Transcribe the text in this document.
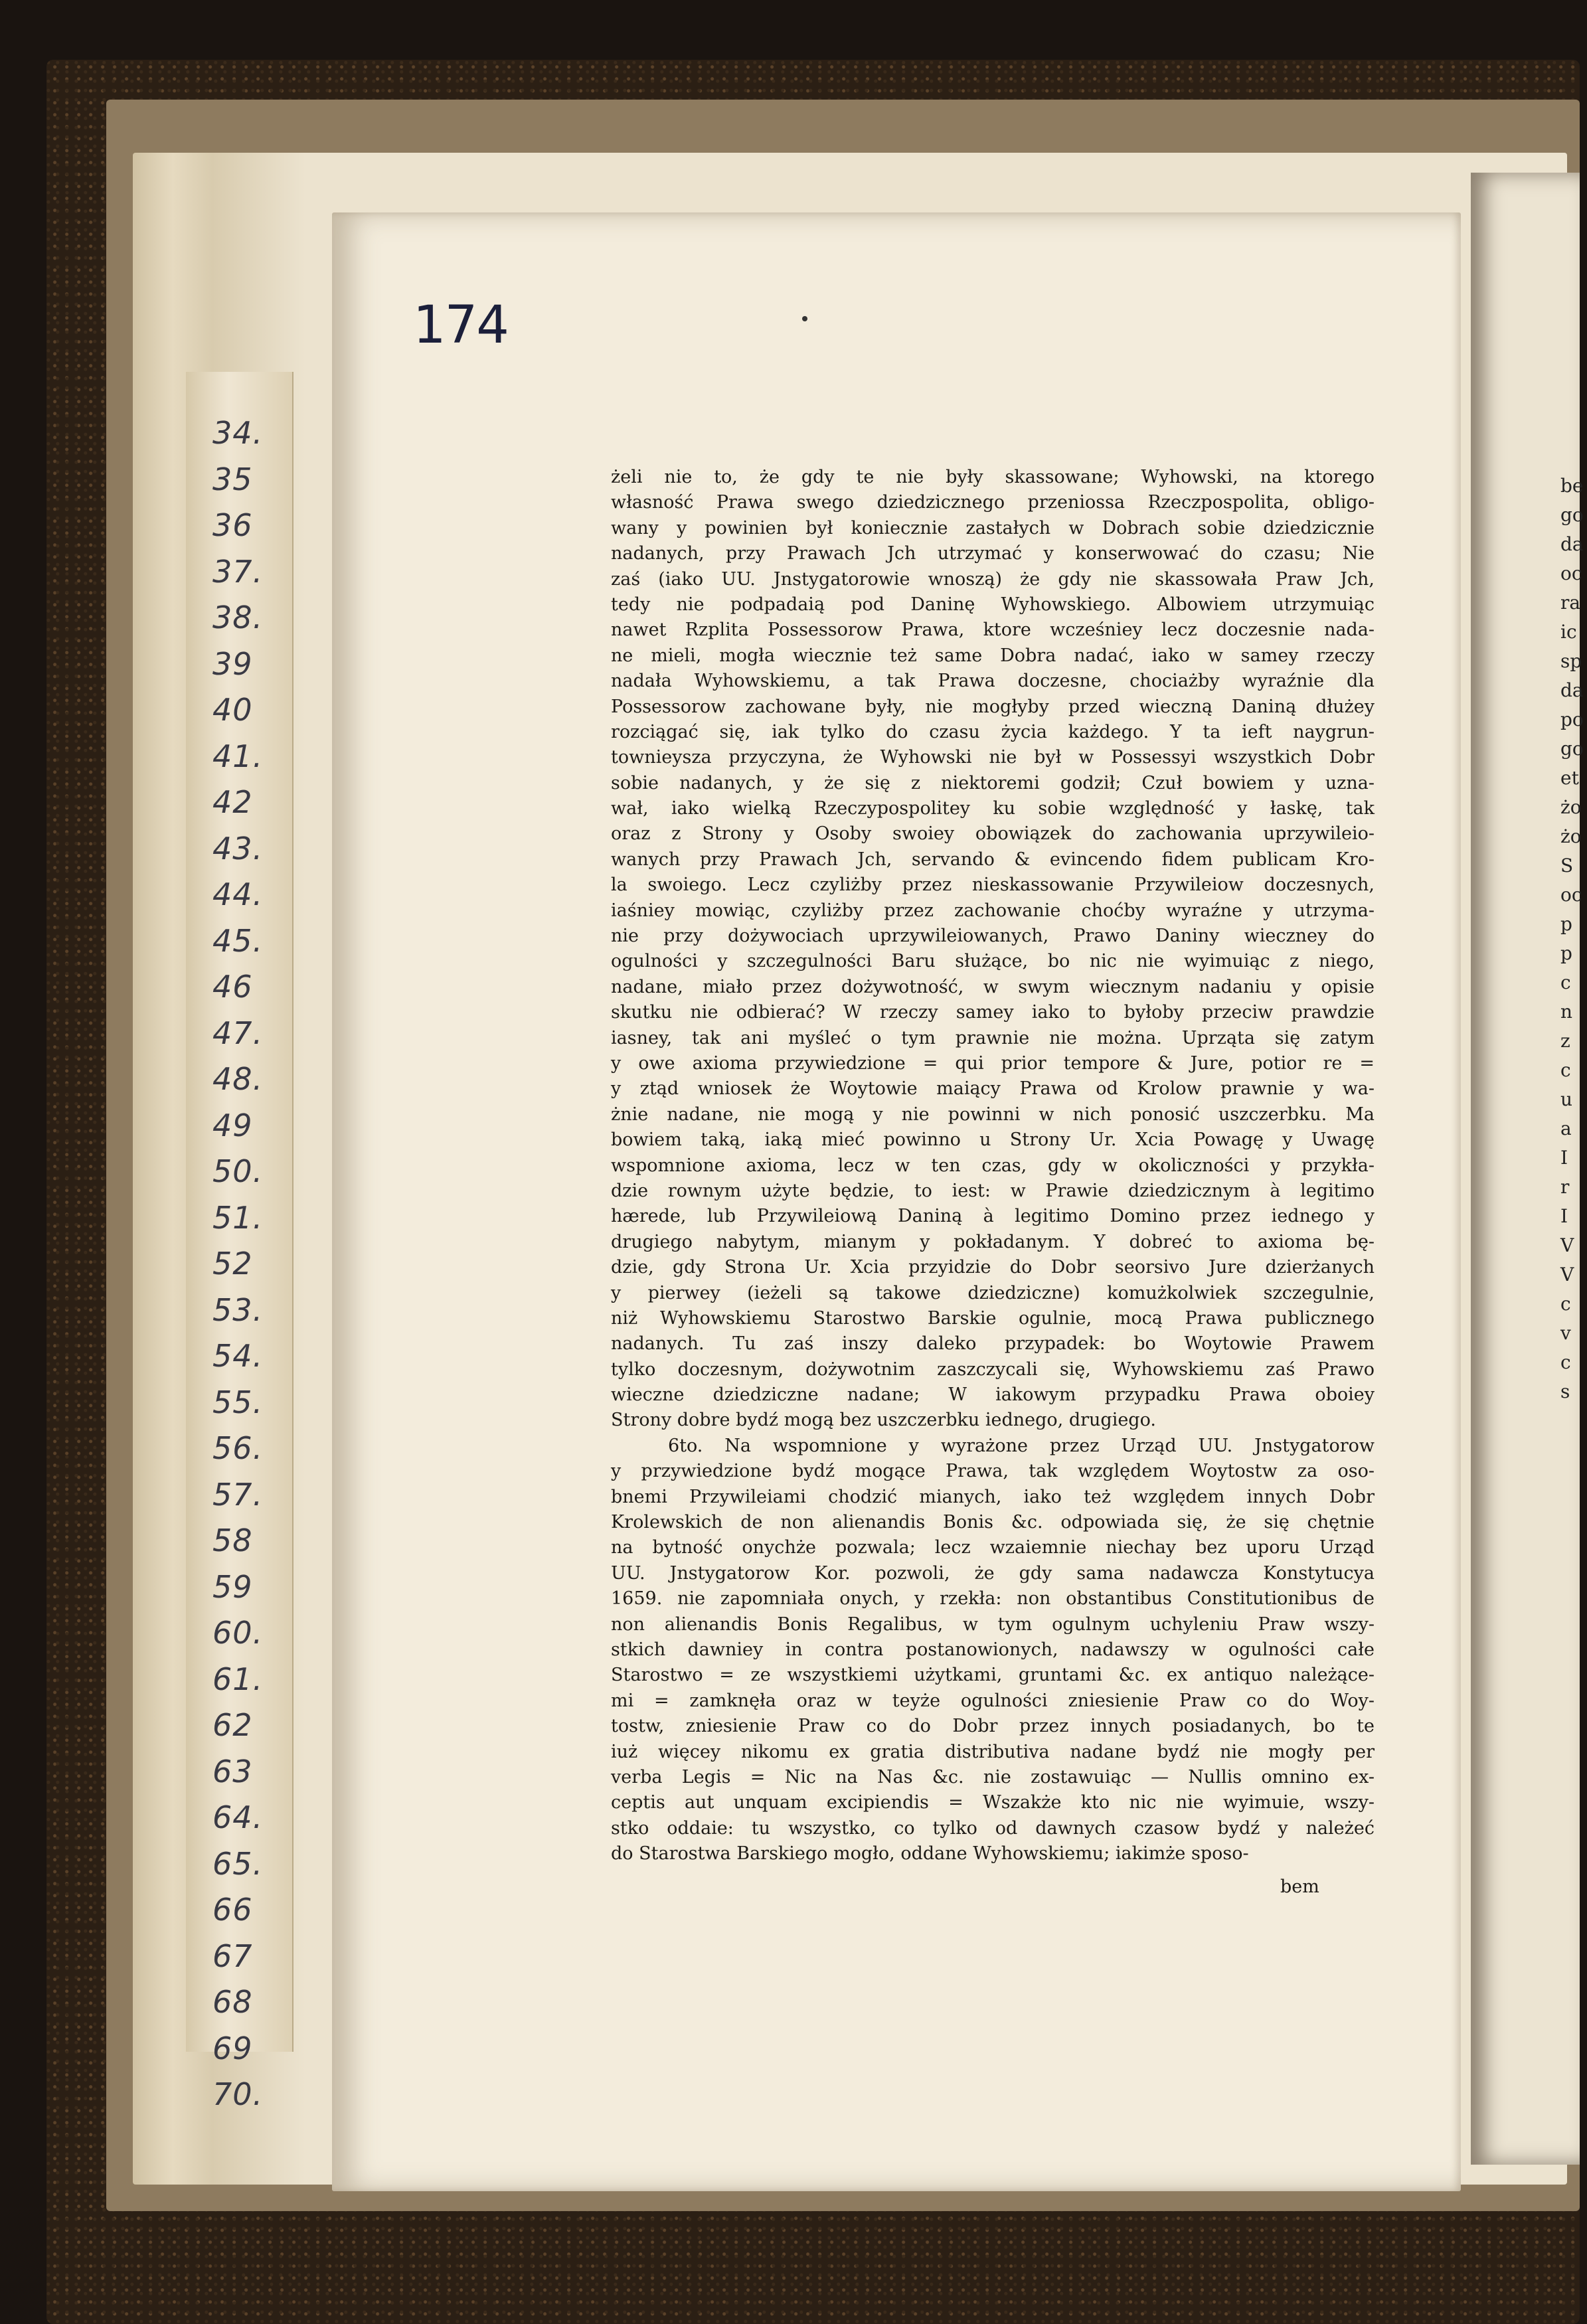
34.
35
36
37.
38.
39
40
41.
42
43.
44.
45.
46
47.
48.
49
50.
51.
52
53.
54.
55.
56.
57.
58
59
60.
61.
62
63
64.
65.
66
67
68
69
70.
be
go
da
oc
ra
ic
sp
da
po
go
et
żo
żo
S
oc
p
p
c
n
z
c
u
a
I
r
I
V
V
c
v
c
s
174
żeli nie to, że gdy te nie były skassowane; Wyhowski, na ktorego
własność Prawa swego dziedzicznego przeniossa Rzeczpospolita, obligo-
wany y powinien był koniecznie zastałych w Dobrach sobie dziedzicznie
nadanych, przy Prawach Jch utrzymać y konserwować do czasu; Nie
zaś (iako UU. Jnstygatorowie wnoszą) że gdy nie skassowała Praw Jch,
tedy nie podpadaią pod Daninę Wyhowskiego. Albowiem utrzymuiąc
nawet Rzplita Possessorow Prawa, ktore wcześniey lecz doczesnie nada-
ne mieli, mogła wiecznie też same Dobra nadać, iako w samey rzeczy
nadała Wyhowskiemu, a tak Prawa doczesne, chociażby wyraźnie dla
Possessorow zachowane były, nie mogłyby przed wieczną Daniną dłużey
rozciągać się, iak tylko do czasu życia każdego. Y ta ieft naygrun-
townieysza przyczyna, że Wyhowski nie był w Possessyi wszystkich Dobr
sobie nadanych, y że się z niektoremi godził; Czuł bowiem y uzna-
wał, iako wielką Rzeczypospolitey ku sobie względność y łaskę, tak
oraz z Strony y Osoby swoiey obowiązek do zachowania uprzywileio-
wanych przy Prawach Jch, servando & evincendo fidem publicam Kro-
la swoiego. Lecz czyliżby przez nieskassowanie Przywileiow doczesnych,
iaśniey mowiąc, czyliżby przez zachowanie choćby wyraźne y utrzyma-
nie przy dożywociach uprzywileiowanych, Prawo Daniny wieczney do
ogulności y szczegulności Baru służące, bo nic nie wyimuiąc z niego,
nadane, miało przez dożywotność, w swym wiecznym nadaniu y opisie
skutku nie odbierać? W rzeczy samey iako to byłoby przeciw prawdzie
iasney, tak ani myśleć o tym prawnie nie można. Uprząta się zatym
y owe axioma przywiedzione = qui prior tempore & Jure, potior re =
y ztąd wniosek że Woytowie maiący Prawa od Krolow prawnie y wa-
żnie nadane, nie mogą y nie powinni w nich ponosić uszczerbku. Ma
bowiem taką, iaką mieć powinno u Strony Ur. Xcia Powagę y Uwagę
wspomnione axioma, lecz w ten czas, gdy w okoliczności y przykła-
dzie rownym użyte będzie, to iest: w Prawie dziedzicznym à legitimo
hærede, lub Przywileiową Daniną à legitimo Domino przez iednego y
drugiego nabytym, mianym y pokładanym. Y dobreć to axioma bę-
dzie, gdy Strona Ur. Xcia przyidzie do Dobr seorsivo Jure dzierżanych
y pierwey (ieżeli są takowe dziedziczne) komużkolwiek szczegulnie,
niż Wyhowskiemu Starostwo Barskie ogulnie, mocą Prawa publicznego
nadanych. Tu zaś inszy daleko przypadek: bo Woytowie Prawem
tylko doczesnym, dożywotnim zaszczycali się, Wyhowskiemu zaś Prawo
wieczne dziedziczne nadane; W iakowym przypadku Prawa oboiey
Strony dobre bydź mogą bez uszczerbku iednego, drugiego.
6to. Na wspomnione y wyrażone przez Urząd UU. Jnstygatorow
y przywiedzione bydź mogące Prawa, tak względem Woytostw za oso-
bnemi Przywileiami chodzić mianych, iako też względem innych Dobr
Krolewskich de non alienandis Bonis &c. odpowiada się, że się chętnie
na bytność onychże pozwala; lecz wzaiemnie niechay bez uporu Urząd
UU. Jnstygatorow Kor. pozwoli, że gdy sama nadawcza Konstytucya
1659. nie zapomniała onych, y rzekła: non obstantibus Constitutionibus de
non alienandis Bonis Regalibus, w tym ogulnym uchyleniu Praw wszy-
stkich dawniey in contra postanowionych, nadawszy w ogulności całe
Starostwo = ze wszystkiemi użytkami, gruntami &c. ex antiquo należące-
mi = zamknęła oraz w teyże ogulności zniesienie Praw co do Woy-
tostw, zniesienie Praw co do Dobr przez innych posiadanych, bo te
iuż więcey nikomu ex gratia distributiva nadane bydź nie mogły per
verba Legis = Nic na Nas &c. nie zostawuiąc — Nullis omnino ex-
ceptis aut unquam excipiendis = Wszakże kto nic nie wyimuie, wszy-
stko oddaie: tu wszystko, co tylko od dawnych czasow bydź y należeć
do Starostwa Barskiego mogło, oddane Wyhowskiemu; iakimże sposo-
bem
